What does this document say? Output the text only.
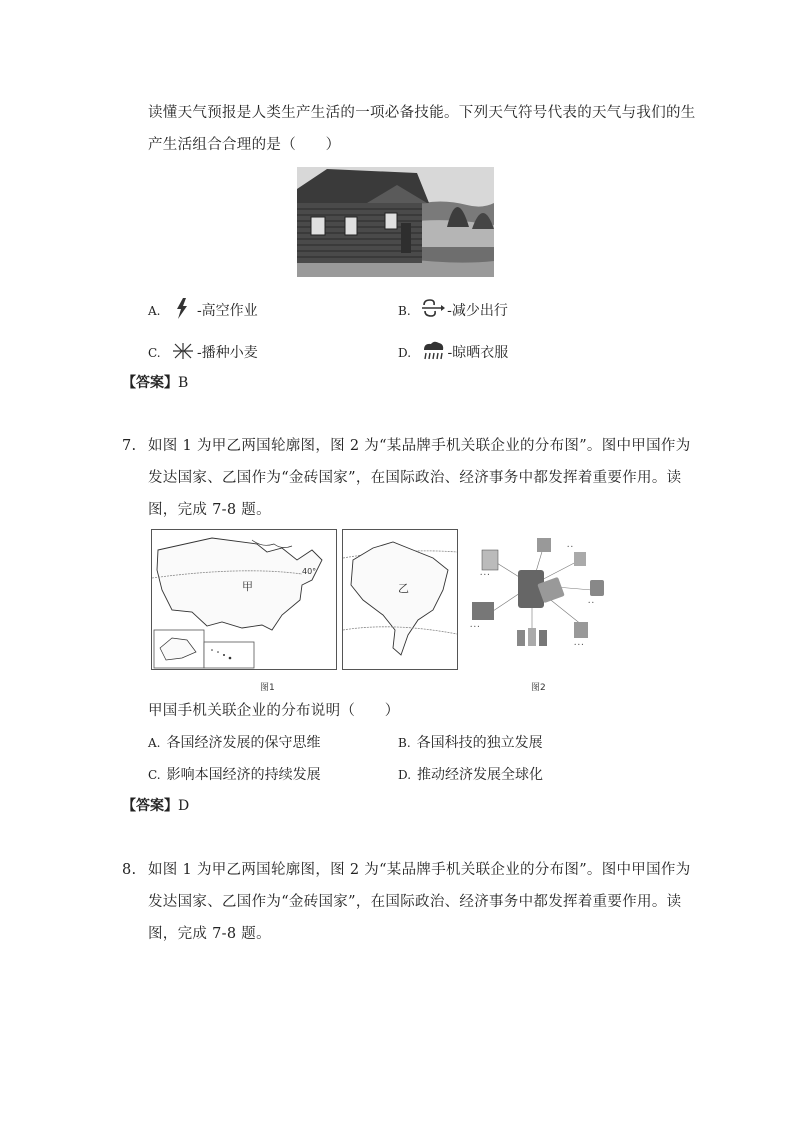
读懂天气预报是人类生产生活的一项必备技能。下列天气符号代表的天气与我们的生
产生活组合合理的是（　　）
A.	-高空作业	B.	-减少出行
C.	-播种小麦	D.	-晾晒衣服
【答案】B
7. 如图 1 为甲乙两国轮廓图，图 2 为“某品牌手机关联企业的分布图”。图中甲国作为
发达国家、乙国作为“金砖国家”，在国际政治、经济事务中都发挥着重要作用。读
图，完成 7-8 题。
甲
40°
乙
• • •
• •
• •
• • •
• • •
图1	图2
甲国手机关联企业的分布说明（　　）
A. 各国经济发展的保守思维	B. 各国科技的独立发展
C. 影响本国经济的持续发展	D. 推动经济发展全球化
【答案】D
8. 如图 1 为甲乙两国轮廓图，图 2 为“某品牌手机关联企业的分布图”。图中甲国作为
发达国家、乙国作为“金砖国家”，在国际政治、经济事务中都发挥着重要作用。读
图，完成 7-8 题。
